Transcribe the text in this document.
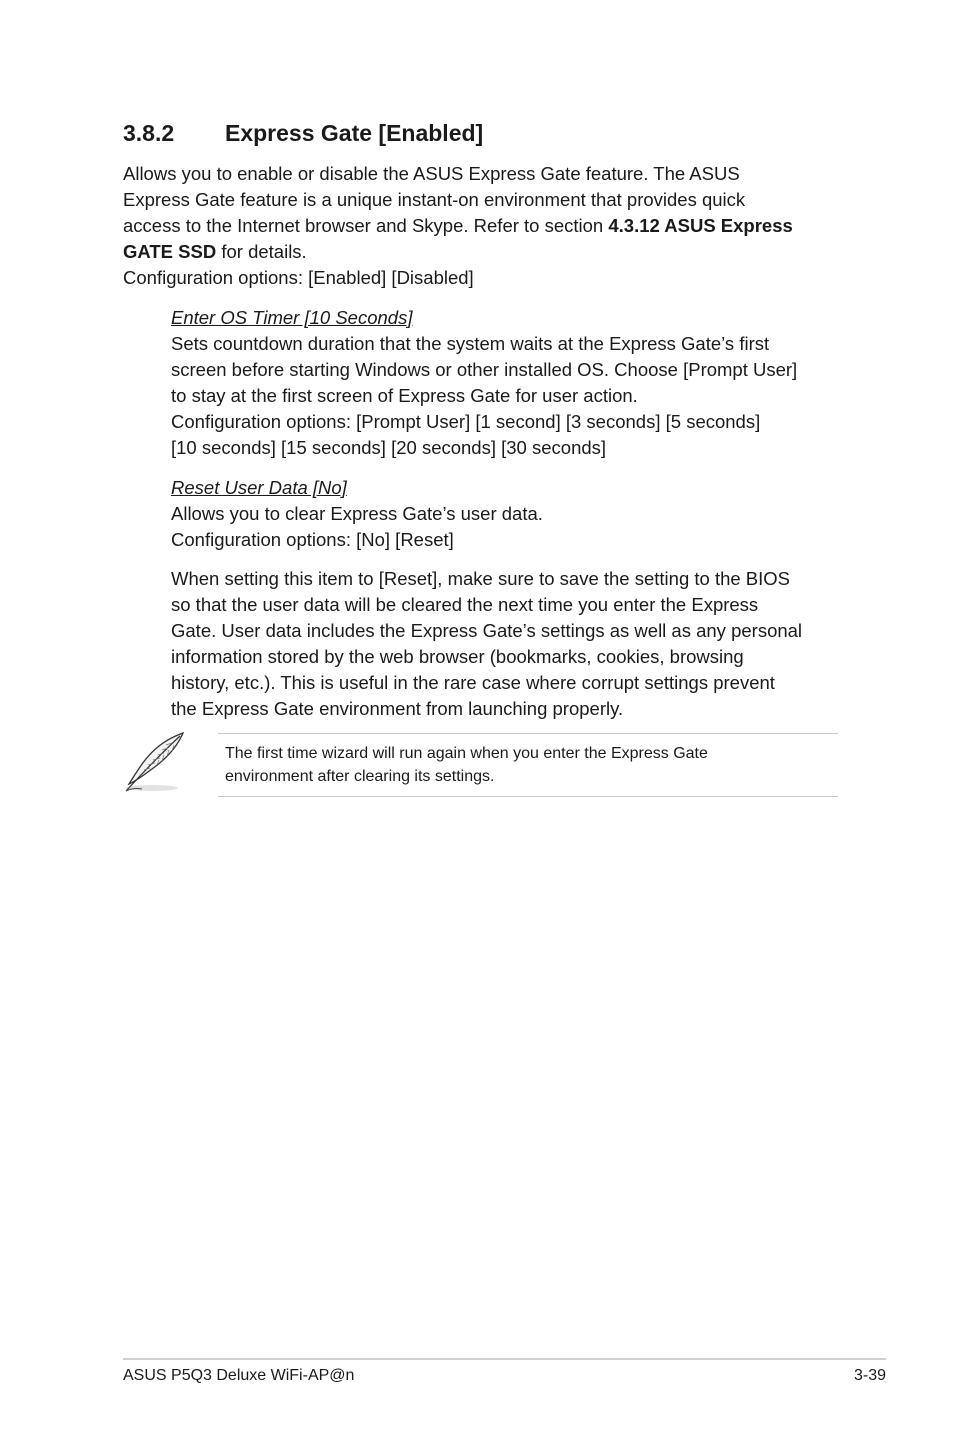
3.8.2 Express Gate [Enabled]
Allows you to enable or disable the ASUS Express Gate feature. The ASUS
Express Gate feature is a unique instant-on environment that provides quick
access to the Internet browser and Skype. Refer to section 4.3.12 ASUS Express
GATE SSD for details.
Configuration options: [Enabled] [Disabled]
Enter OS Timer [10 Seconds]
Sets countdown duration that the system waits at the Express Gate’s first
screen before starting Windows or other installed OS. Choose [Prompt User]
to stay at the first screen of Express Gate for user action.
Configuration options: [Prompt User] [1 second] [3 seconds] [5 seconds]
[10 seconds] [15 seconds] [20 seconds] [30 seconds]
Reset User Data [No]
Allows you to clear Express Gate’s user data.
Configuration options: [No] [Reset]
When setting this item to [Reset], make sure to save the setting to the BIOS
so that the user data will be cleared the next time you enter the Express
Gate. User data includes the Express Gate’s settings as well as any personal
information stored by the web browser (bookmarks, cookies, browsing
history, etc.). This is useful in the rare case where corrupt settings prevent
the Express Gate environment from launching properly.
The first time wizard will run again when you enter the Express Gate
environment after clearing its settings.
ASUS P5Q3 Deluxe WiFi-AP@n	3-39
